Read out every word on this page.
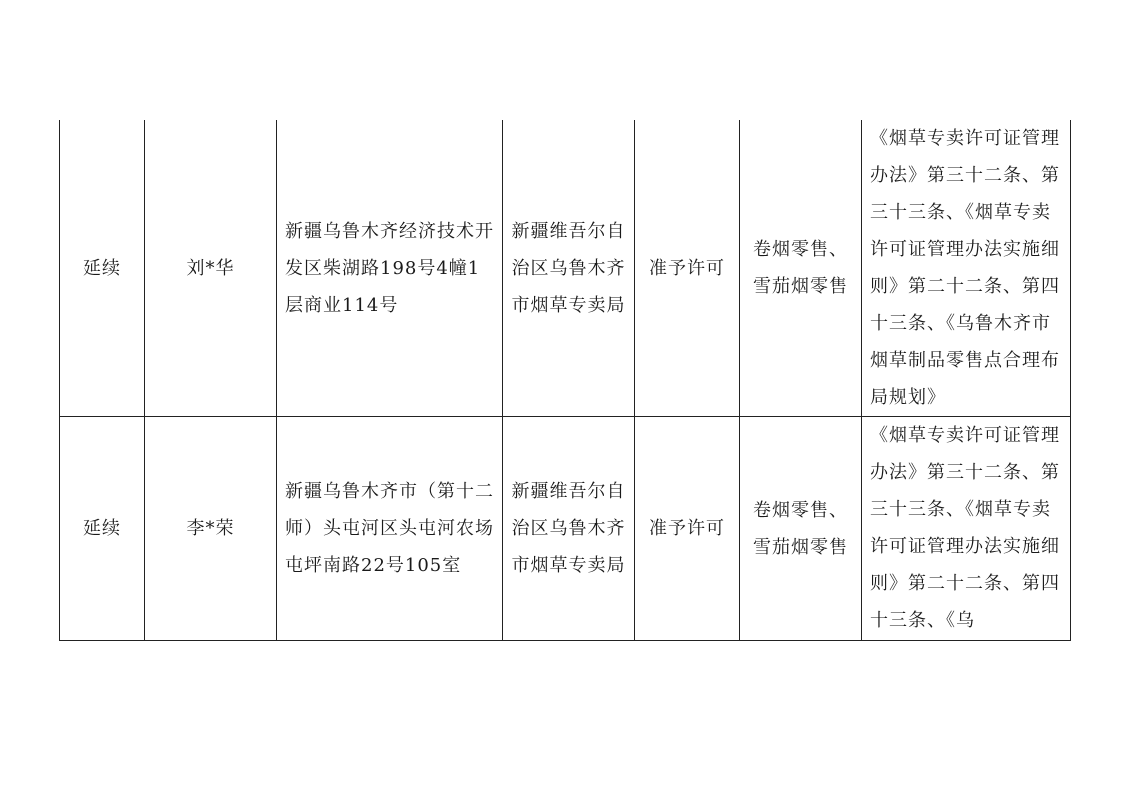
延续	刘*华	新疆乌鲁木齐经济技术开发区柴湖路198号4幢1层商业114号	新疆维吾尔自治区乌鲁木齐市烟草专卖局	准予许可	卷烟零售、雪茄烟零售	《烟草专卖许可证管理办法》第三十二条、第三十三条、《烟草专卖许可证管理办法实施细则》第二十二条、第四十三条、《乌鲁木齐市烟草制品零售点合理布局规划》
延续	李*荣	新疆乌鲁木齐市（第十二师）头屯河区头屯河农场屯坪南路22号105室	新疆维吾尔自治区乌鲁木齐市烟草专卖局	准予许可	卷烟零售、雪茄烟零售	《烟草专卖许可证管理办法》第三十二条、第三十三条、《烟草专卖许可证管理办法实施细则》第二十二条、第四十三条、《乌
